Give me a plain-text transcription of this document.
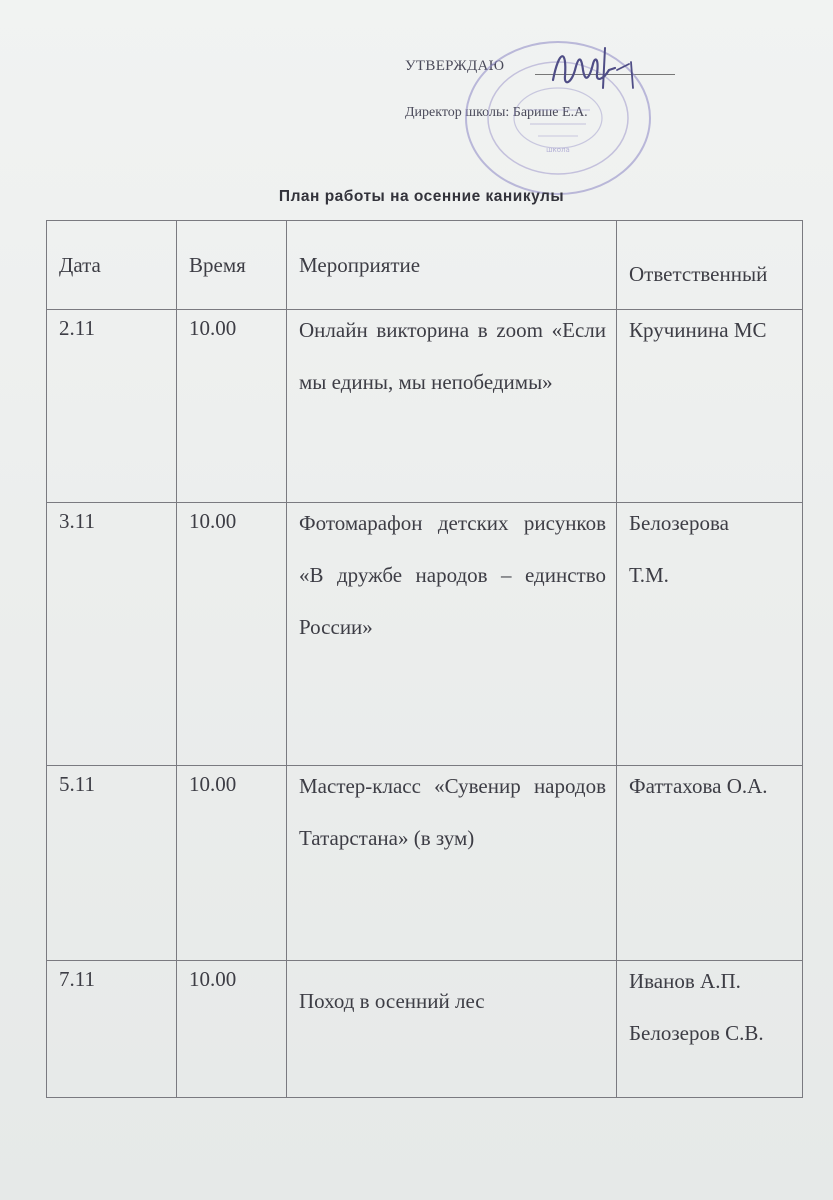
УТВЕРЖДАЮ
Директор школы: Барише Е.А.
школа
План работы на осенние каникулы
Дата	Время	Мероприятие	Ответственный
2.11	10.00	Онлайн викторина в zoom «Если мы едины, мы непобедимы»	Кручинина МС

3.11	10.00	Фотомарафон детских рисунков «В дружбе народов – единство России»	Белозерова
Т.М.

5.11	10.00	Мастер-класс «Сувенир народов Татарстана» (в зум)	Фаттахова О.А.

7.11	10.00	Поход в осенний лес	Иванов А.П.
Белозеров С.В.
